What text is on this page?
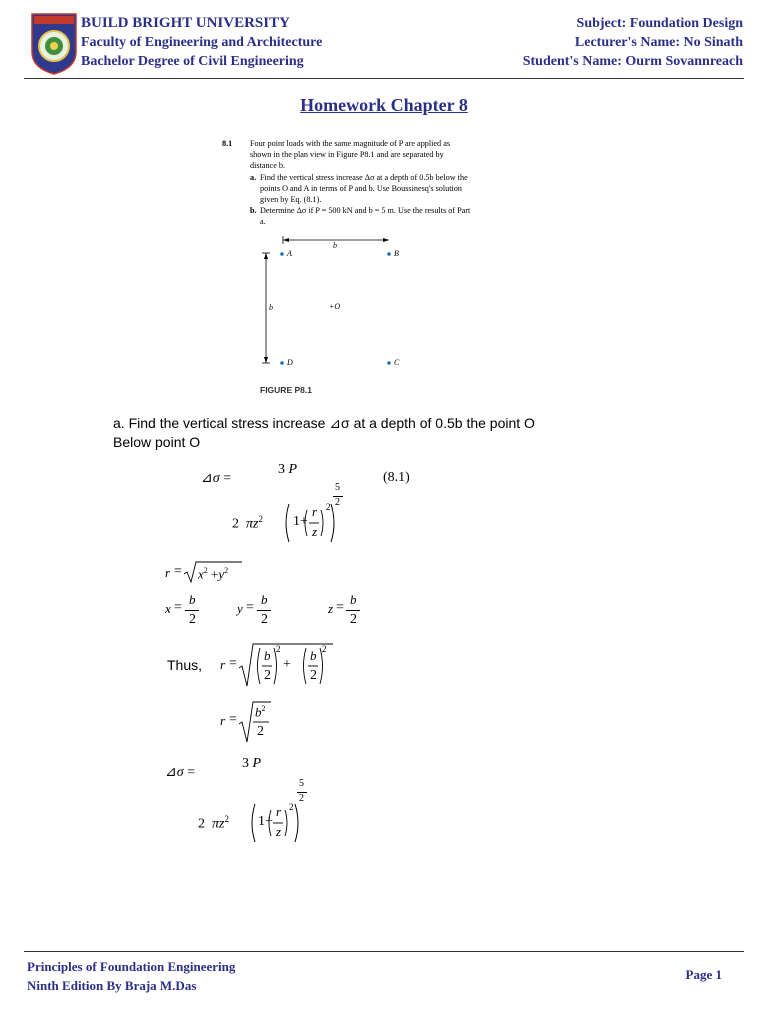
BUILD BRIGHT UNIVERSITY
Faculty of Engineering and Architecture
Bachelor Degree of Civil Engineering
Subject: Foundation Design
Lecturer's Name: No Sinath
Student's Name: Ourm Sovannreach
Homework Chapter 8
8.1 Four point loads with the same magnitude of P are applied as shown in the plan view in Figure P8.1 and are separated by distance b.
a. Find the vertical stress increase Δσ at a depth of 0.5b below the points O and A in terms of P and b. Use Boussinesq's solution given by Eq. (8.1).
b. Determine Δσ if P = 500 kN and b = 5 m. Use the results of Part a.
b
b
A	B
D	C
+O
FIGURE P8.1
a. Find the vertical stress increase ⊿σ at a depth of 0.5b the point O
Below point O
⊿σ =
3 P
(8.1)
5
2
2  $\pi z^2$ 1+
r
z
2
$r = x^2 +y^2$
x =
b
2
y =
b
2
z =
b
2
Thus, r =
b
2
2
+
b
2
2
r =
$b^2$
2
⊿σ =
3 P
5
2
2  $\pi z^2$ 1+
r
z
2
Principles of Foundation Engineering
Ninth Edition By Braja M.Das
Page 1
